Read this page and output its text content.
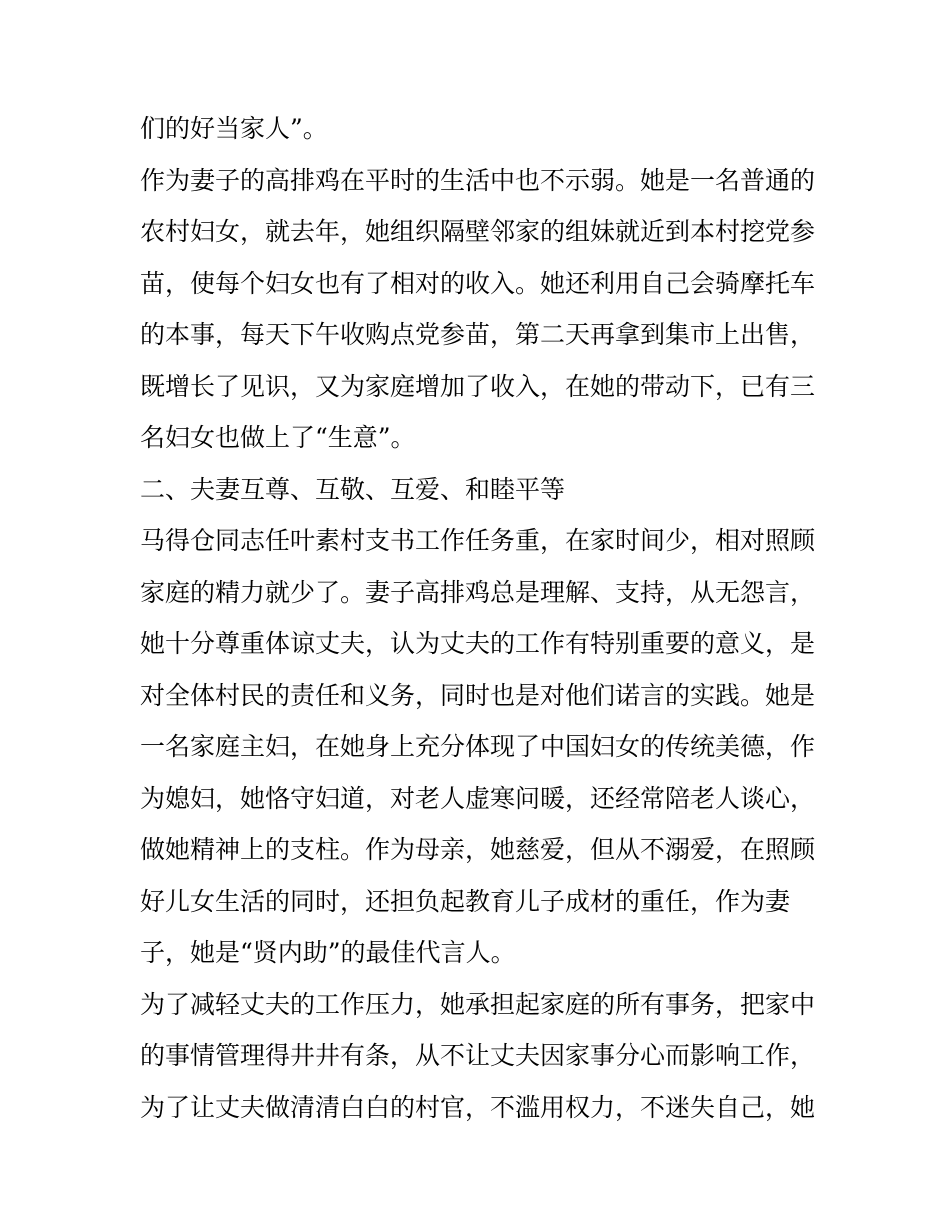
们的好当家人”。
作为妻子的高排鸡在平时的生活中也不示弱。她是一名普通的
农村妇女，就去年，她组织隔壁邻家的组妹就近到本村挖党参
苗，使每个妇女也有了相对的收入。她还利用自己会骑摩托车
的本事，每天下午收购点党参苗，第二天再拿到集市上出售，
既增长了见识，又为家庭增加了收入，在她的带动下，已有三
名妇女也做上了“生意”。
二、夫妻互尊、互敬、互爱、和睦平等
马得仓同志任叶素村支书工作任务重，在家时间少，相对照顾
家庭的精力就少了。妻子高排鸡总是理解、支持，从无怨言，
她十分尊重体谅丈夫，认为丈夫的工作有特别重要的意义，是
对全体村民的责任和义务，同时也是对他们诺言的实践。她是
一名家庭主妇，在她身上充分体现了中国妇女的传统美德，作
为媳妇，她恪守妇道，对老人虚寒问暖，还经常陪老人谈心，
做她精神上的支柱。作为母亲，她慈爱，但从不溺爱，在照顾
好儿女生活的同时，还担负起教育儿子成材的重任，作为妻
子，她是“贤内助”的最佳代言人。
为了减轻丈夫的工作压力，她承担起家庭的所有事务，把家中
的事情管理得井井有条，从不让丈夫因家事分心而影响工作，
为了让丈夫做清清白白的村官，不滥用权力，不迷失自己，她
